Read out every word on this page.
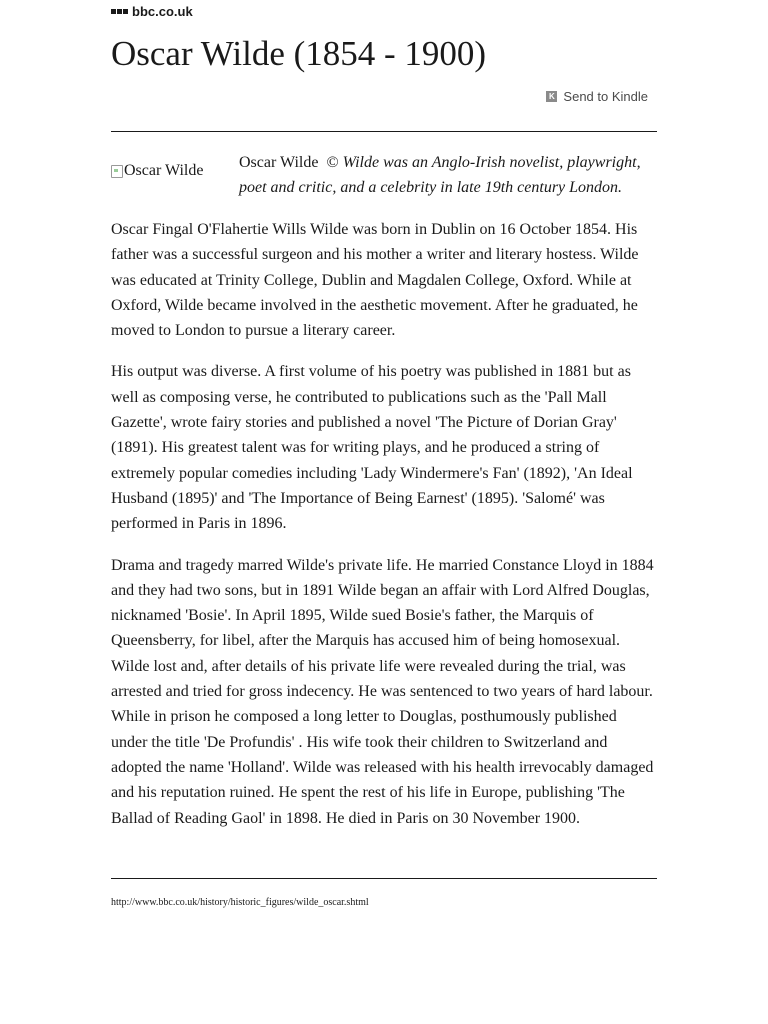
bbc.co.uk
Oscar Wilde (1854 - 1900)
K Send to Kindle
Oscar Wilde Oscar Wilde © Wilde was an Anglo-Irish novelist, playwright, poet and critic, and a celebrity in late 19th century London.

Oscar Fingal O'Flahertie Wills Wilde was born in Dublin on 16 October 1854. His father was a successful surgeon and his mother a writer and literary hostess. Wilde was educated at Trinity College, Dublin and Magdalen College, Oxford. While at Oxford, Wilde became involved in the aesthetic movement. After he graduated, he moved to London to pursue a literary career.

His output was diverse. A first volume of his poetry was published in 1881 but as well as composing verse, he contributed to publications such as the 'Pall Mall Gazette', wrote fairy stories and published a novel 'The Picture of Dorian Gray' (1891). His greatest talent was for writing plays, and he produced a string of extremely popular comedies including 'Lady Windermere's Fan' (1892), 'An Ideal Husband (1895)' and 'The Importance of Being Earnest' (1895). 'Salomé' was performed in Paris in 1896.

Drama and tragedy marred Wilde's private life. He married Constance Lloyd in 1884 and they had two sons, but in 1891 Wilde began an affair with Lord Alfred Douglas, nicknamed 'Bosie'. In April 1895, Wilde sued Bosie's father, the Marquis of Queensberry, for libel, after the Marquis has accused him of being homosexual. Wilde lost and, after details of his private life were revealed during the trial, was arrested and tried for gross indecency. He was sentenced to two years of hard labour. While in prison he composed a long letter to Douglas, posthumously published under the title 'De Profundis' . His wife took their children to Switzerland and adopted the name 'Holland'. Wilde was released with his health irrevocably damaged and his reputation ruined. He spent the rest of his life in Europe, publishing 'The Ballad of Reading Gaol' in 1898. He died in Paris on 30 November 1900.

http://www.bbc.co.uk/history/historic_figures/wilde_oscar.shtml
